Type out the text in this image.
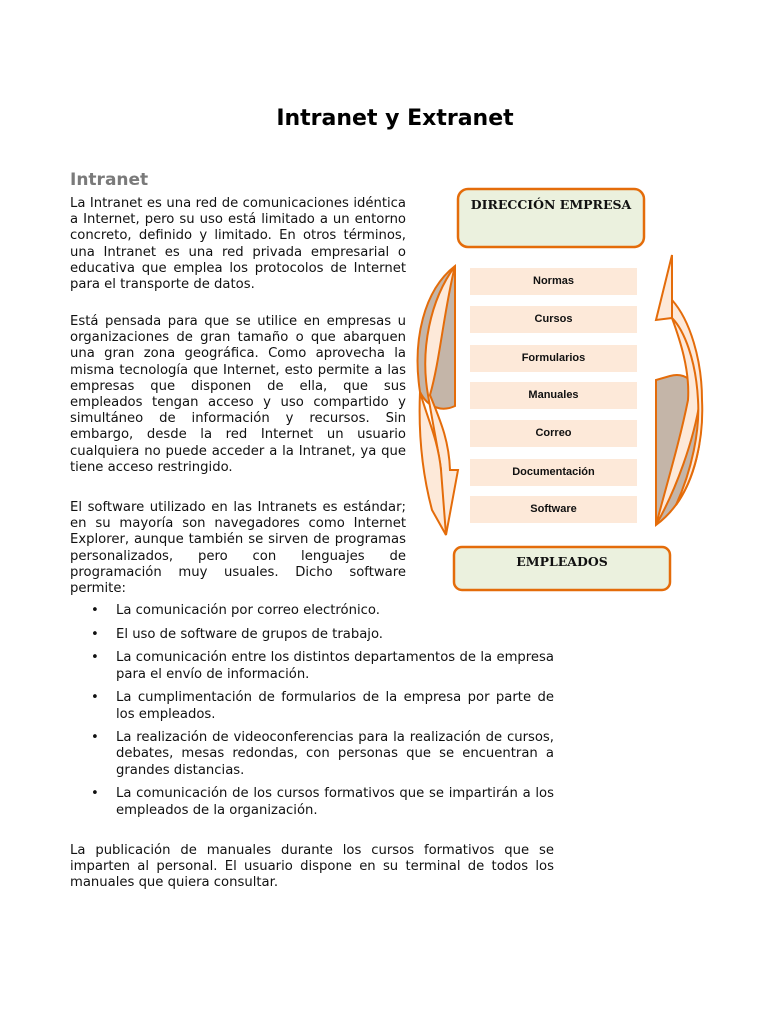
Intranet y Extranet
Intranet

La Intranet es una red de comunicaciones idéntica a Internet, pero su uso está limitado a un entorno concreto, definido y limitado. En otros términos, una Intranet es una red privada empresarial o educativa que emplea los protocolos de Internet para el transporte de datos.

Está pensada para que se utilice en empresas u organizaciones de gran tamaño o que abarquen una gran zona geográfica. Como aprovecha la misma tecnología que Internet, esto permite a las empresas que disponen de ella, que sus empleados tengan acceso y uso compartido y simultáneo de información y recursos. Sin embargo, desde la red Internet un usuario cualquiera no puede acceder a la Intranet, ya que tiene acceso restringido.

El software utilizado en las Intranets es estándar; en su mayoría son navegadores como Internet Explorer, aunque también se sirven de programas personalizados, pero con lenguajes de programación muy usuales. Dicho software permite:

• La comunicación por correo electrónico.
• El uso de software de grupos de trabajo.
• La comunicación entre los distintos departamentos de la empresa para el envío de información.
• La cumplimentación de formularios de la empresa por parte de los empleados.
• La realización de videoconferencias para la realización de cursos, debates, mesas redondas, con personas que se encuentran a grandes distancias.
• La comunicación de los cursos formativos que se impartirán a los empleados de la organización.

La publicación de manuales durante los cursos formativos que se imparten al personal. El usuario dispone en su terminal de todos los manuales que quiera consultar.

DIRECCIÓN EMPRESA

EMPLEADOS

Normas

Cursos

Formularios

Manuales

Correo

Documentación

Software
